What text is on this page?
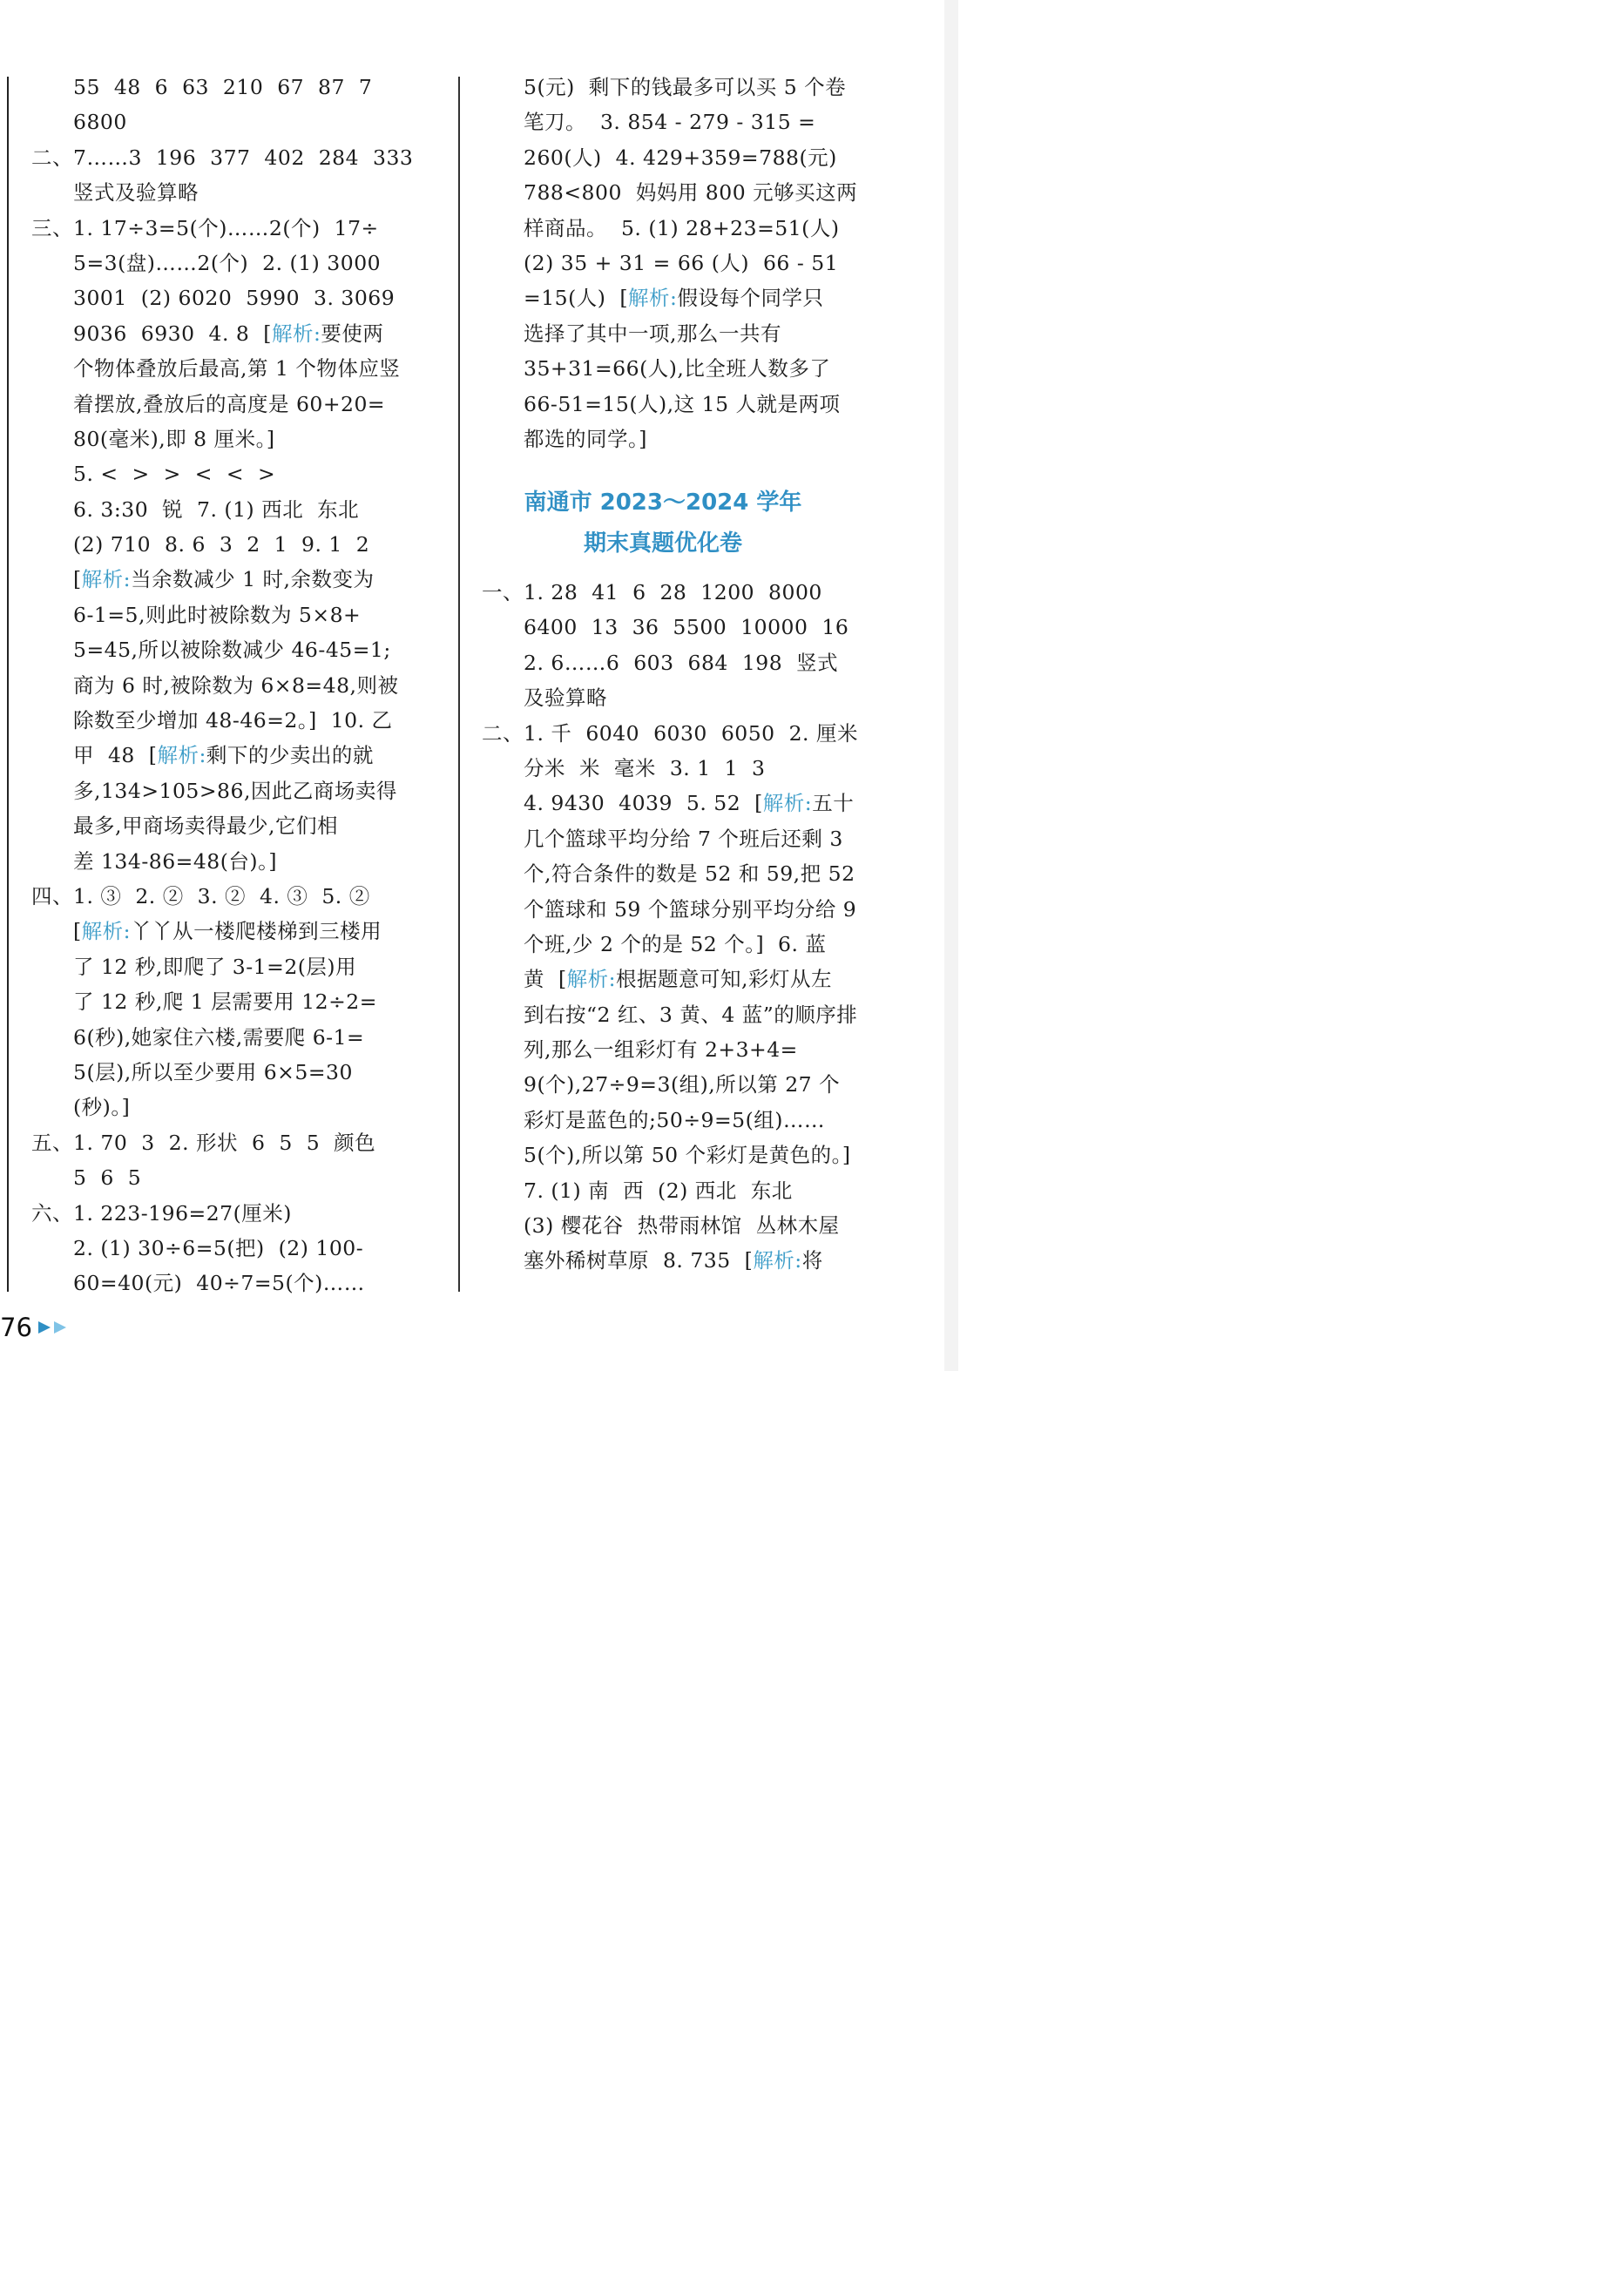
55  48  6  63  210  67  87  7
6800
二、7……3  196  377  402  284  333
竖式及验算略
三、1. 17÷3=5(个)……2(个)  17÷
5=3(盘)……2(个)  2. (1) 3000
3001  (2) 6020  5990  3. 3069
9036  6930  4. 8  [解析:要使两
个物体叠放后最高,第 1 个物体应竖
着摆放,叠放后的高度是 60+20=
80(毫米),即 8 厘米。]
5. <  >  >  <  <  >
6. 3:30  锐  7. (1) 西北  东北
(2) 710  8. 6  3  2  1  9. 1  2
[解析:当余数减少 1 时,余数变为
6-1=5,则此时被除数为 5×8+
5=45,所以被除数减少 46-45=1;
商为 6 时,被除数为 6×8=48,则被
除数至少增加 48-46=2。]  10. 乙
甲  48  [解析:剩下的少卖出的就
多,134>105>86,因此乙商场卖得
最多,甲商场卖得最少,它们相
差 134-86=48(台)。]
四、1. ③  2. ②  3. ②  4. ③  5. ②
[解析:丫丫从一楼爬楼梯到三楼用
了 12 秒,即爬了 3-1=2(层)用
了 12 秒,爬 1 层需要用 12÷2=
6(秒),她家住六楼,需要爬 6-1=
5(层),所以至少要用 6×5=30
(秒)。]
五、1. 70  3  2. 形状  6  5  5  颜色
5  6  5
六、1. 223-196=27(厘米)
2. (1) 30÷6=5(把)  (2) 100-
60=40(元)  40÷7=5(个)……
5(元)  剩下的钱最多可以买 5 个卷
笔刀。  3. 854 - 279 - 315 =
260(人)  4. 429+359=788(元)
788<800  妈妈用 800 元够买这两
样商品。  5. (1) 28+23=51(人)
(2) 35 + 31 = 66 (人)  66 - 51
=15(人)  [解析:假设每个同学只
选择了其中一项,那么一共有
35+31=66(人),比全班人数多了
66-51=15(人),这 15 人就是两项
都选的同学。]
南通市 2023～2024 学年
期末真题优化卷
一、1. 28  41  6  28  1200  8000
6400  13  36  5500  10000  16
2. 6……6  603  684  198  竖式
及验算略
二、1. 千  6040  6030  6050  2. 厘米
分米  米  毫米  3. 1  1  3
4. 9430  4039  5. 52  [解析:五十
几个篮球平均分给 7 个班后还剩 3
个,符合条件的数是 52 和 59,把 52
个篮球和 59 个篮球分别平均分给 9
个班,少 2 个的是 52 个。]  6. 蓝
黄  [解析:根据题意可知,彩灯从左
到右按“2 红、3 黄、4 蓝”的顺序排
列,那么一组彩灯有 2+3+4=
9(个),27÷9=3(组),所以第 27 个
彩灯是蓝色的;50÷9=5(组)……
5(个),所以第 50 个彩灯是黄色的。]
7. (1) 南  西  (2) 西北  东北
(3) 樱花谷  热带雨林馆  丛林木屋
塞外稀树草原  8. 735  [解析:将
76
